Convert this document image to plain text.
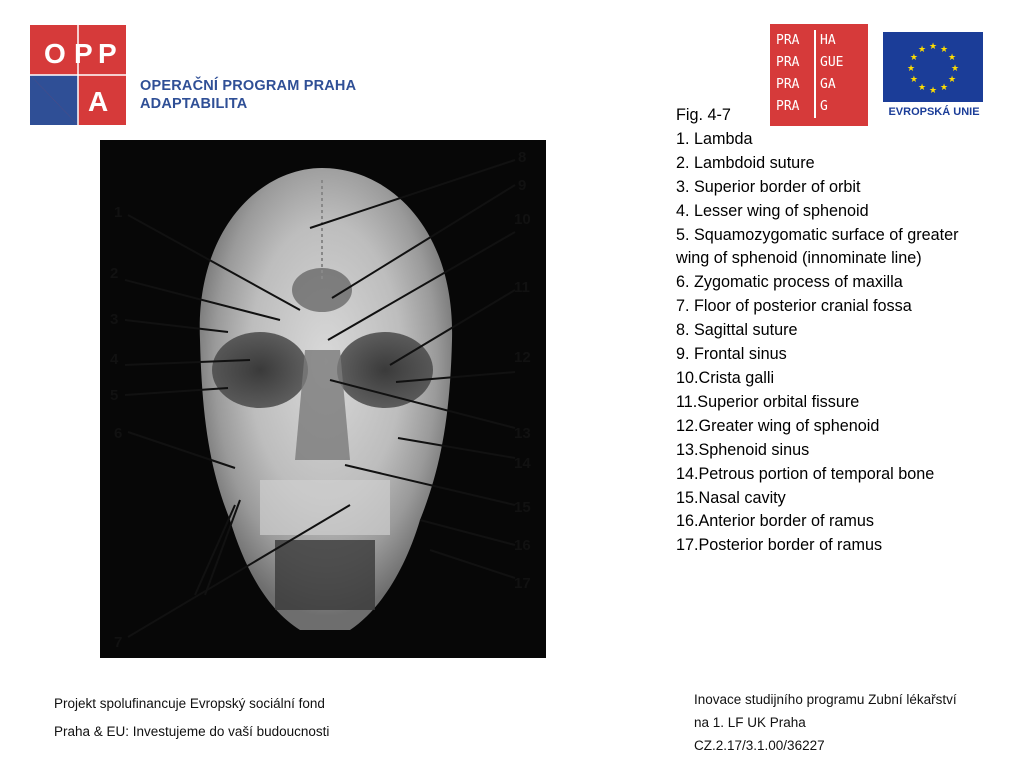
O P P
A OPERAČNÍ PROGRAM PRAHA
ADAPTABILITA
PRA	HA
PRA	GUE
PRA	GA
PRA	G
★
★
★
★
★
★
★
★
★ ★ ★
★
EVROPSKÁ UNIE
1
2
3
4
5
6
7
8
9
10
11
12
13
14
15
16
17
Fig. 4-7
1. Lambda
2. Lambdoid suture
3. Superior border of orbit
4. Lesser wing of sphenoid
5. Squamozygomatic surface of greater wing of sphenoid (innominate line)
6. Zygomatic process of maxilla
7. Floor of posterior cranial fossa
8. Sagittal suture
9. Frontal sinus
10.Crista galli
11.Superior orbital fissure
12.Greater wing of sphenoid
13.Sphenoid sinus
14.Petrous portion of temporal bone
15.Nasal cavity
16.Anterior border of ramus
17.Posterior border of ramus
Projekt spolufinancuje Evropský sociální fond
Praha & EU: Investujeme do vaší budoucnosti
Inovace studijního programu Zubní lékařství
na 1. LF UK Praha
CZ.2.17/3.1.00/36227
